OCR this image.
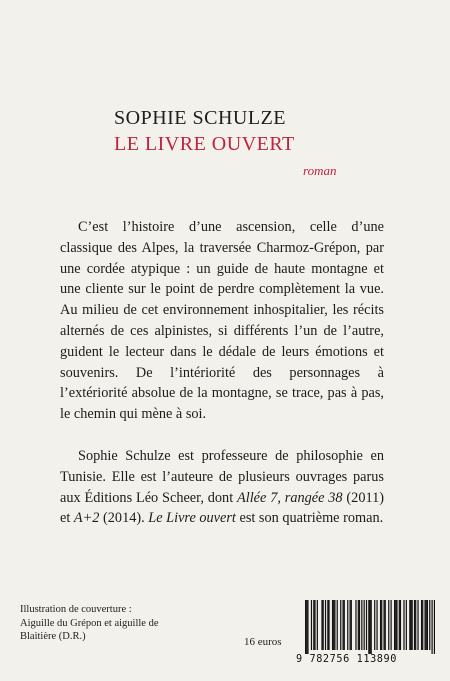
SOPHIE SCHULZE
LE LIVRE OUVERT
roman

C’est l’histoire d’une ascension, celle d’une classique des Alpes, la traversée Charmoz-Grépon, par une cordée atypique : un guide de haute montagne et une cliente sur le point de perdre complètement la vue. Au milieu de cet environnement inhospitalier, les récits alternés de ces alpinistes, si différents l’un de l’autre, guident le lecteur dans le dédale de leurs émotions et souvenirs. De l’intériorité des personnages à l’extériorité absolue de la montagne, se trace, pas à pas, le chemin qui mène à soi.

Sophie Schulze est professeure de philosophie en Tunisie. Elle est l’auteure de plusieurs ouvrages parus aux Éditions Léo Scheer, dont Allée 7, rangée 38 (2011) et A+2 (2014). Le Livre ouvert est son quatrième roman.

Illustration de couverture :
Aiguille du Grépon et aiguille de
Blaitière (D.R.)	16 euros
9 782756 113890
